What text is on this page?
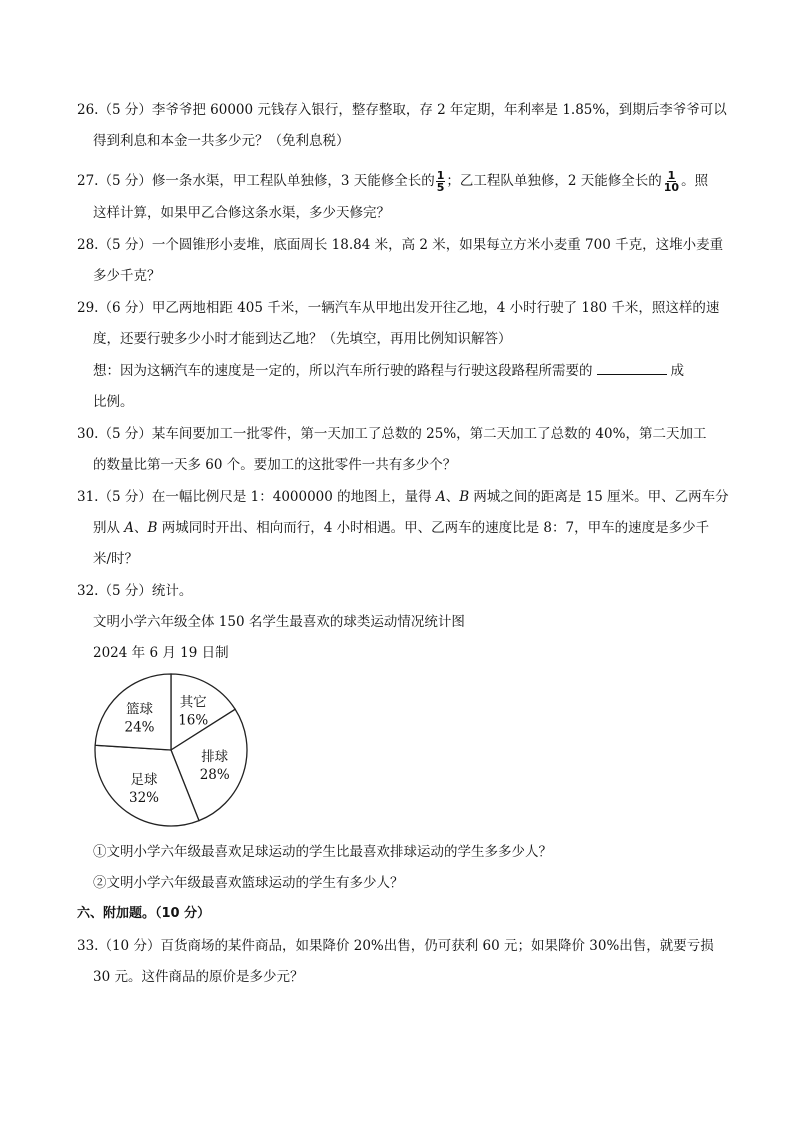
26.（5 分）李爷爷把 60000 元钱存入银行，整存整取，存 2 年定期，年利率是 1.85%，到期后李爷爷可以
得到利息和本金一共多少元？（免利息税）
27.（5 分）修一条水渠，甲工程队单独修，3 天能修全长的 $\frac{1}{5}$ ；乙工程队单独修，2 天能修全长的 $\frac{1}{10}$ 。照
这样计算，如果甲乙合修这条水渠，多少天修完？
28.（5 分）一个圆锥形小麦堆，底面周长 18.84 米，高 2 米，如果每立方米小麦重 700 千克，这堆小麦重
多少千克？
29.（6 分）甲乙两地相距 405 千米，一辆汽车从甲地出发开往乙地，4 小时行驶了 180 千米，照这样的速
度，还要行驶多少小时才能到达乙地？（先填空，再用比例知识解答）
想：因为这辆汽车的速度是一定的，所以汽车所行驶的路程与行驶这段路程所需要的	成
比例。
30.（5 分）某车间要加工一批零件，第一天加工了总数的 25%，第二天加工了总数的 40%，第二天加工
的数量比第一天多 60 个。要加工的这批零件一共有多少个？
31.（5 分）在一幅比例尺是 1：4000000 的地图上，量得 A、B 两城之间的距离是 15 厘米。甲、乙两车分
别从 A、B 两城同时开出、相向而行，4 小时相遇。甲、乙两车的速度比是 8：7，甲车的速度是多少千
米/时？
32.（5 分）统计。
文明小学六年级全体 150 名学生最喜欢的球类运动情况统计图
2024 年 6 月 19 日制
其它
16%
排球
28%
足球
32%
篮球
24%
①文明小学六年级最喜欢足球运动的学生比最喜欢排球运动的学生多多少人？
②文明小学六年级最喜欢篮球运动的学生有多少人？
六、附加题。（10 分）
33.（10 分）百货商场的某件商品，如果降价 20%出售，仍可获利 60 元；如果降价 30%出售，就要亏损
30 元。这件商品的原价是多少元？
